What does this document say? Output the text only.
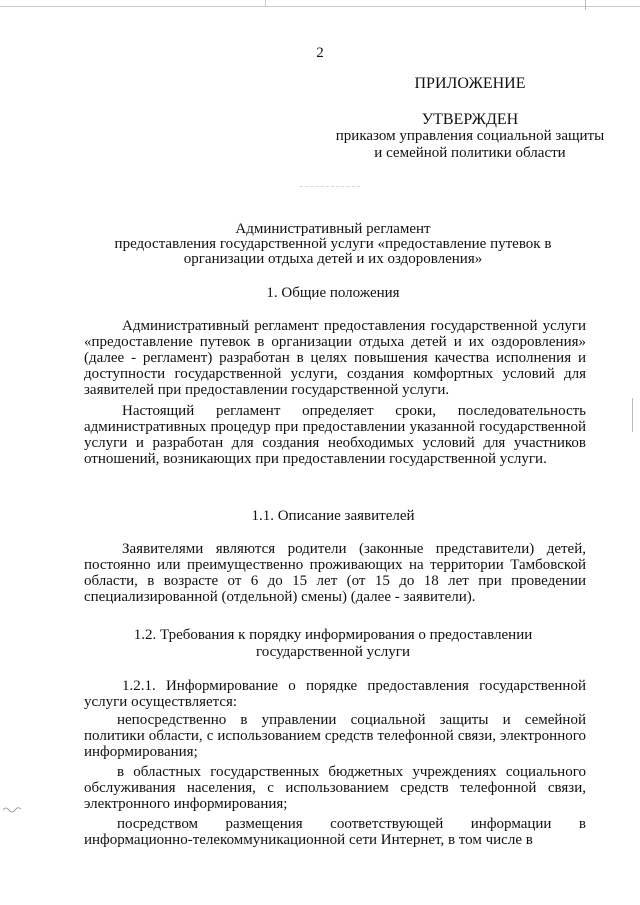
2
ПРИЛОЖЕНИЕ
УТВЕРЖДЕН
приказом управления социальной защиты и семейной политики области
Административный регламент
предоставления государственной услуги «предоставление путевок в организации отдыха детей и их оздоровления»
1. Общие положения
Административный регламент предоставления государственной услуги «предоставление путевок в организации отдыха детей и их оздоровления» (далее - регламент) разработан в целях повышения качества исполнения и доступности государственной услуги, создания комфортных условий для заявителей при предоставлении государственной услуги.
Настоящий регламент определяет сроки, последовательность административных процедур при предоставлении указанной государственной услуги и разработан для создания необходимых условий для участников отношений, возникающих при предоставлении государственной услуги.
1.1. Описание заявителей
Заявителями являются родители (законные представители) детей, постоянно или преимущественно проживающих на территории Тамбовской области, в возрасте от 6 до 15 лет (от 15 до 18 лет при проведении специализированной (отдельной) смены) (далее - заявители).
1.2. Требования к порядку информирования о предоставлении государственной услуги
1.2.1. Информирование о порядке предоставления государственной услуги осуществляется:
непосредственно в управлении социальной защиты и семейной политики области, с использованием средств телефонной связи, электронного информирования;
в областных государственных бюджетных учреждениях социального обслуживания населения, с использованием средств телефонной связи, электронного информирования;
посредством размещения соответствующей информации в информационно-телекоммуникационной сети Интернет, в том числе в
